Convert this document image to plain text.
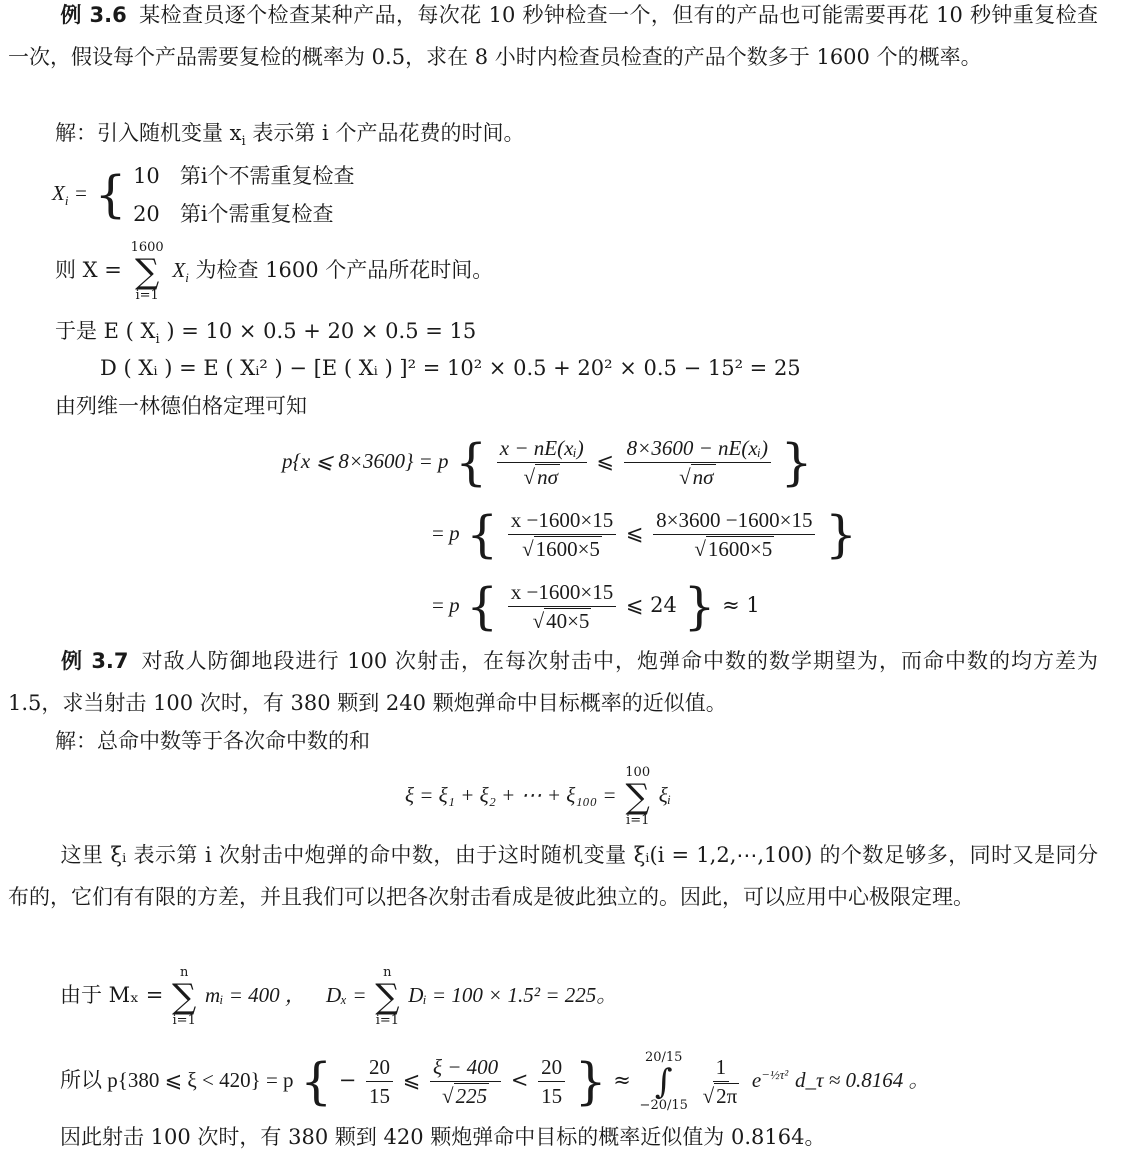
例 3.6 某检查员逐个检查某种产品，每次花 10 秒钟检查一个，但有的产品也可能需要再花 10 秒钟重复检查一次，假设每个产品需要复检的概率为 0.5，求在 8 小时内检查员检查的产品个数多于 1600 个的概率。
解：引入随机变量 $x_i$ 表示第 i 个产品花费的时间。
$X_i$ = { 10 第i个不需重复检查
20 第i个需重复检查
则 X =
1600
∑
i=1
$X_i$ 为检查 1600 个产品所花时间。
于是 E ( $X_i$ ) = 10 × 0.5 + 20 × 0.5 = 15
D ( Xᵢ ) = E ( Xᵢ² ) − [E ( Xᵢ ) ]² = 10² × 0.5 + 20² × 0.5 − 15² = 25
由列维一林德伯格定理可知
p{x ⩽ 8×3600} = p { $\frac{\text{x − nE(xᵢ)}}{√n\sigma}$ ⩽ $\frac{\text{8×3600 − nE(xᵢ)}}{√n\sigma}$ }
= p { $\frac{x -1600\times 15}{√1600\times 5}$ ⩽ $\frac{8\times 3600 -1600\times 15}{√1600\times 5}$ }
= p { $\frac{x -1600\times 15}{√40\times 5}$ ⩽ 24 } ≈ 1
例 3.7 对敌人防御地段进行 100 次射击，在每次射击中，炮弹命中数的数学期望为，而命中数的均方差为 1.5，求当射击 100 次时，有 380 颗到 240 颗炮弹命中目标概率的近似值。
解：总命中数等于各次命中数的和
ξ = ξ₁ + ξ₂ + ⋯ + ξ₁₀₀ =
100
∑
i=1
ξᵢ
这里 ξᵢ 表示第 i 次射击中炮弹的命中数，由于这时随机变量 ξᵢ(i = 1,2,⋯,100) 的个数足够多，同时又是同分布的，它们有有限的方差，并且我们可以把各次射击看成是彼此独立的。因此，可以应用中心极限定理。
由于 Mₓ =
n
∑
i=1
mᵢ = 400 ， Dₓ =
n
∑
i=1
Dᵢ = 100 × 1.5² = 225。
所以 p{380 ⩽ ξ < 420} = p { − $\frac{20}{15}$ ⩽ $\frac{\xi - 400}{√225} < \frac{20}{15}$ } ≈
20/15
∫
−20/15
$\frac{1}{√2\pi} e^{-\frac{1}{2}\tau^2}$ d_τ ≈ 0.8164 。
因此射击 100 次时，有 380 颗到 420 颗炮弹命中目标的概率近似值为 0.8164。
